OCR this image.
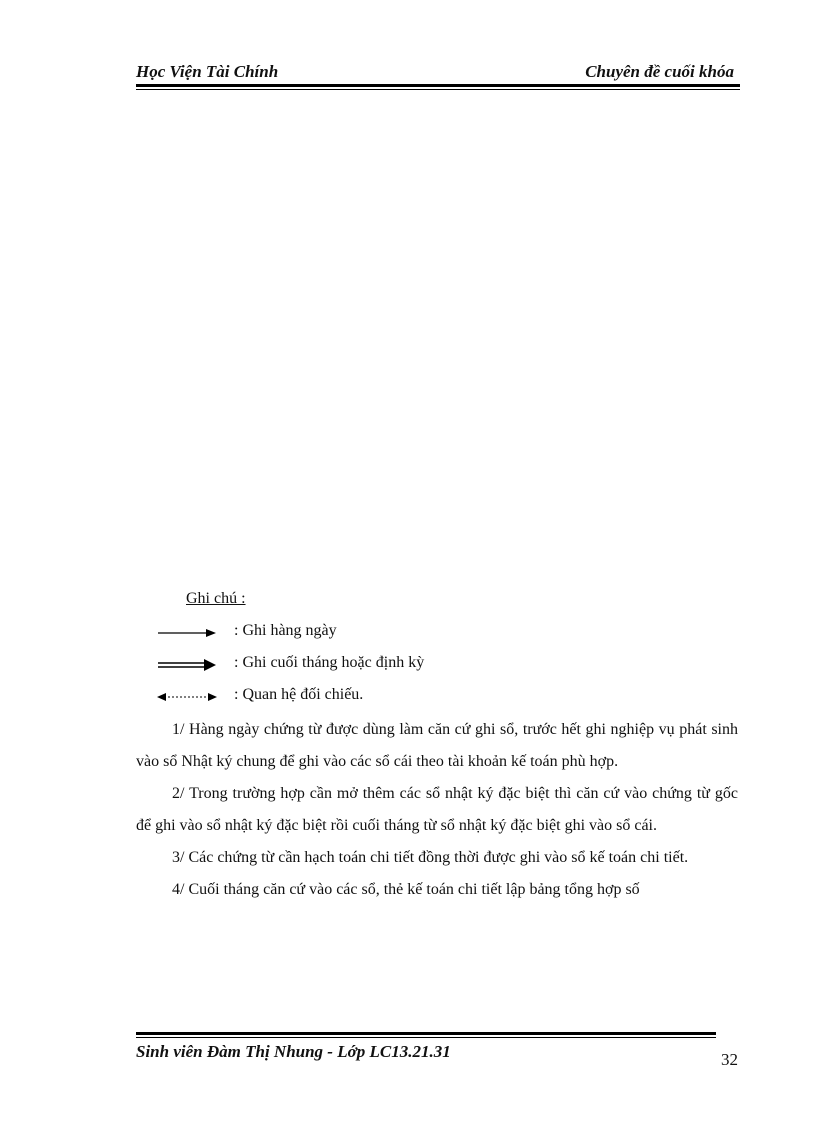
Học Viện Tài Chính	Chuyên đề cuối khóa
Ghi chú :
: Ghi hàng ngày
: Ghi cuối tháng hoặc định kỳ
: Quan hệ đối chiếu.

1/ Hàng ngày chứng từ được dùng làm căn cứ ghi sổ, trước hết ghi nghiệp vụ phát sinh vào sổ Nhật ký chung để ghi vào các sổ cái theo tài khoản kế toán phù hợp.

2/ Trong trường hợp cần mở thêm các sổ nhật ký đặc biệt thì căn cứ vào chứng từ gốc để ghi vào sổ nhật ký đặc biệt rồi cuối tháng từ sổ nhật ký đặc biệt ghi vào sổ cái.

3/ Các chứng từ cần hạch toán chi tiết đồng thời được ghi vào sổ kế toán chi tiết.

4/ Cuối tháng căn cứ vào các sổ, thẻ kế toán chi tiết lập bảng tổng hợp số

Sinh viên Đàm Thị Nhung - Lớp LC13.21.31	32
